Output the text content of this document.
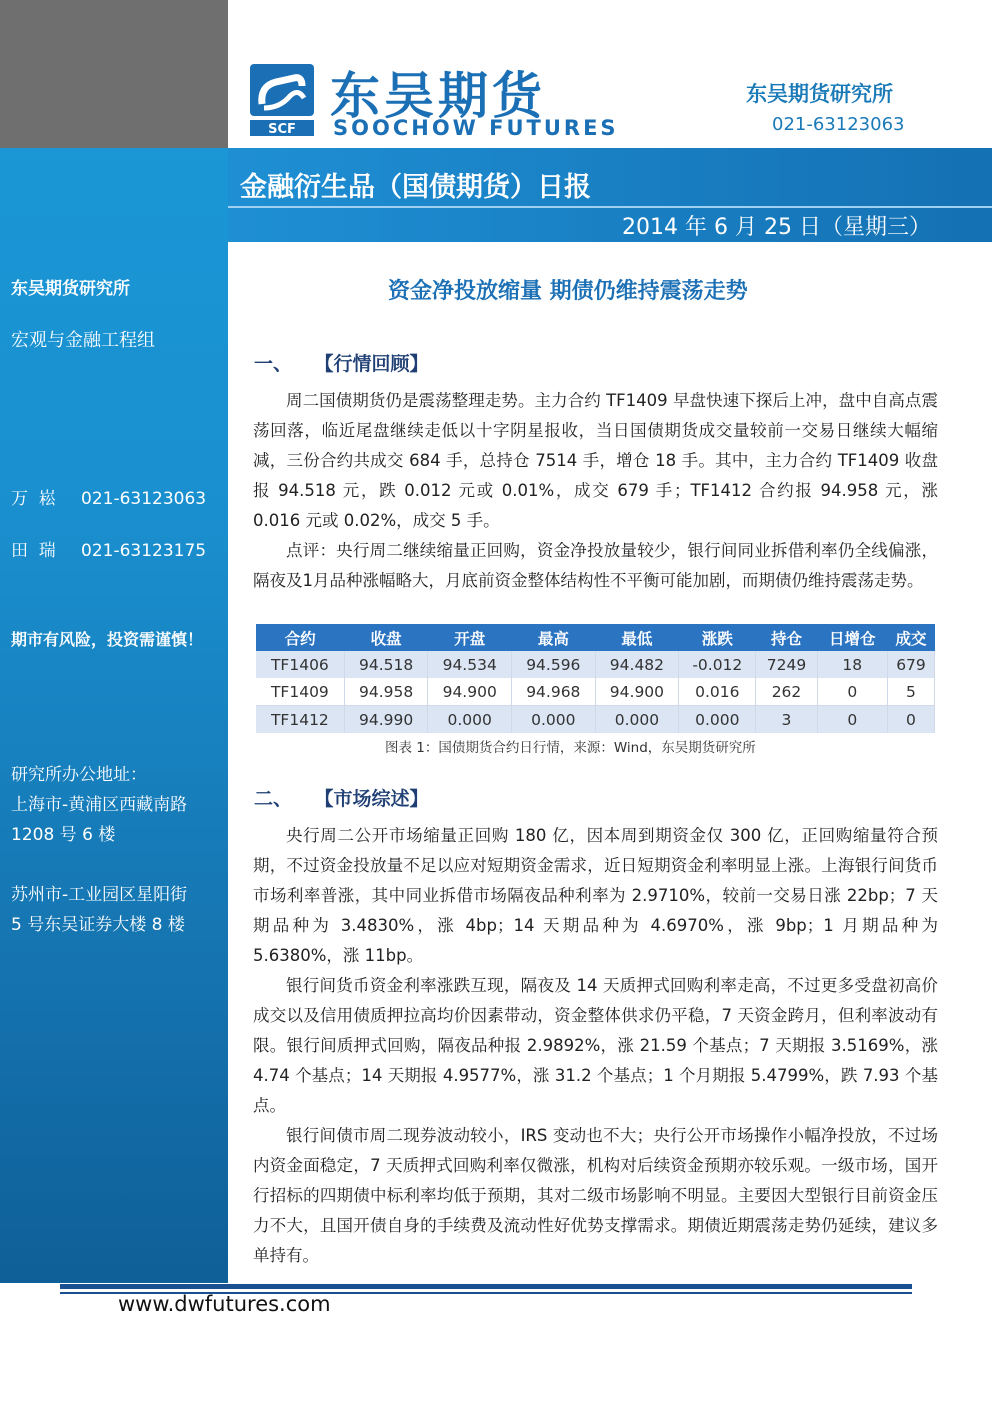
东吴期货研究所
宏观与金融工程组
万  崧 021-63123063
田  瑞 021-63123175
期市有风险，投资需谨慎！
研究所办公地址：
上海市-黄浦区西藏南路
1208 号 6 楼
苏州市-工业园区星阳街
5 号东吴证券大楼 8 楼
SCF
东吴期货
SOOCHOW FUTURES
东吴期货研究所
021-63123063
金融衍生品（国债期货）日报
2014 年 6 月 25 日（星期三）
资金净投放缩量 期债仍维持震荡走势
一、 【行情回顾】

周二国债期货仍是震荡整理走势。主力合约 TF1409 早盘快速下探后上冲，盘中自高点震荡回落，临近尾盘继续走低以十字阴星报收，当日国债期货成交量较前一交易日继续大幅缩减，三份合约共成交 684 手，总持仓 7514 手，增仓 18 手。其中，主力合约 TF1409 收盘报 94.518 元，跌 0.012 元或 0.01%，成交 679 手；TF1412 合约报 94.958 元，涨 0.016 元或 0.02%，成交 5 手。

点评：央行周二继续缩量正回购，资金净投放量较少，银行间同业拆借利率仍全线偏涨，隔夜及1月品种涨幅略大，月底前资金整体结构性不平衡可能加剧，而期债仍维持震荡走势。

合约	收盘	开盘	最高	最低	涨跌	持仓	日增仓	成交
TF1406	94.518	94.534	94.596	94.482	-0.012	7249	18	679
TF1409	94.958	94.900	94.968	94.900	0.016	262	0	5
TF1412	94.990	0.000	0.000	0.000	0.000	3	0	0
图表 1：国债期货合约日行情，来源：Wind，东吴期货研究所
二、 【市场综述】

央行周二公开市场缩量正回购 180 亿，因本周到期资金仅 300 亿，正回购缩量符合预期，不过资金投放量不足以应对短期资金需求，近日短期资金利率明显上涨。上海银行间货币市场利率普涨，其中同业拆借市场隔夜品种利率为 2.9710%，较前一交易日涨 22bp；7 天期品种为 3.4830%，涨 4bp；14 天期品种为 4.6970%，涨 9bp；1 月期品种为 5.6380%，涨 11bp。

银行间货币资金利率涨跌互现，隔夜及 14 天质押式回购利率走高，不过更多受盘初高价成交以及信用债质押拉高均价因素带动，资金整体供求仍平稳，7 天资金跨月，但利率波动有限。银行间质押式回购，隔夜品种报 2.9892%，涨 21.59 个基点；7 天期报 3.5169%，涨 4.74 个基点；14 天期报 4.9577%，涨 31.2 个基点；1 个月期报 5.4799%，跌 7.93 个基点。

银行间债市周二现券波动较小，IRS 变动也不大；央行公开市场操作小幅净投放，不过场内资金面稳定，7 天质押式回购利率仅微涨，机构对后续资金预期亦较乐观。一级市场，国开行招标的四期债中标利率均低于预期，其对二级市场影响不明显。主要因大型银行目前资金压力不大，且国开债自身的手续费及流动性好优势支撑需求。期债近期震荡走势仍延续，建议多单持有。

www.dwfutures.com
